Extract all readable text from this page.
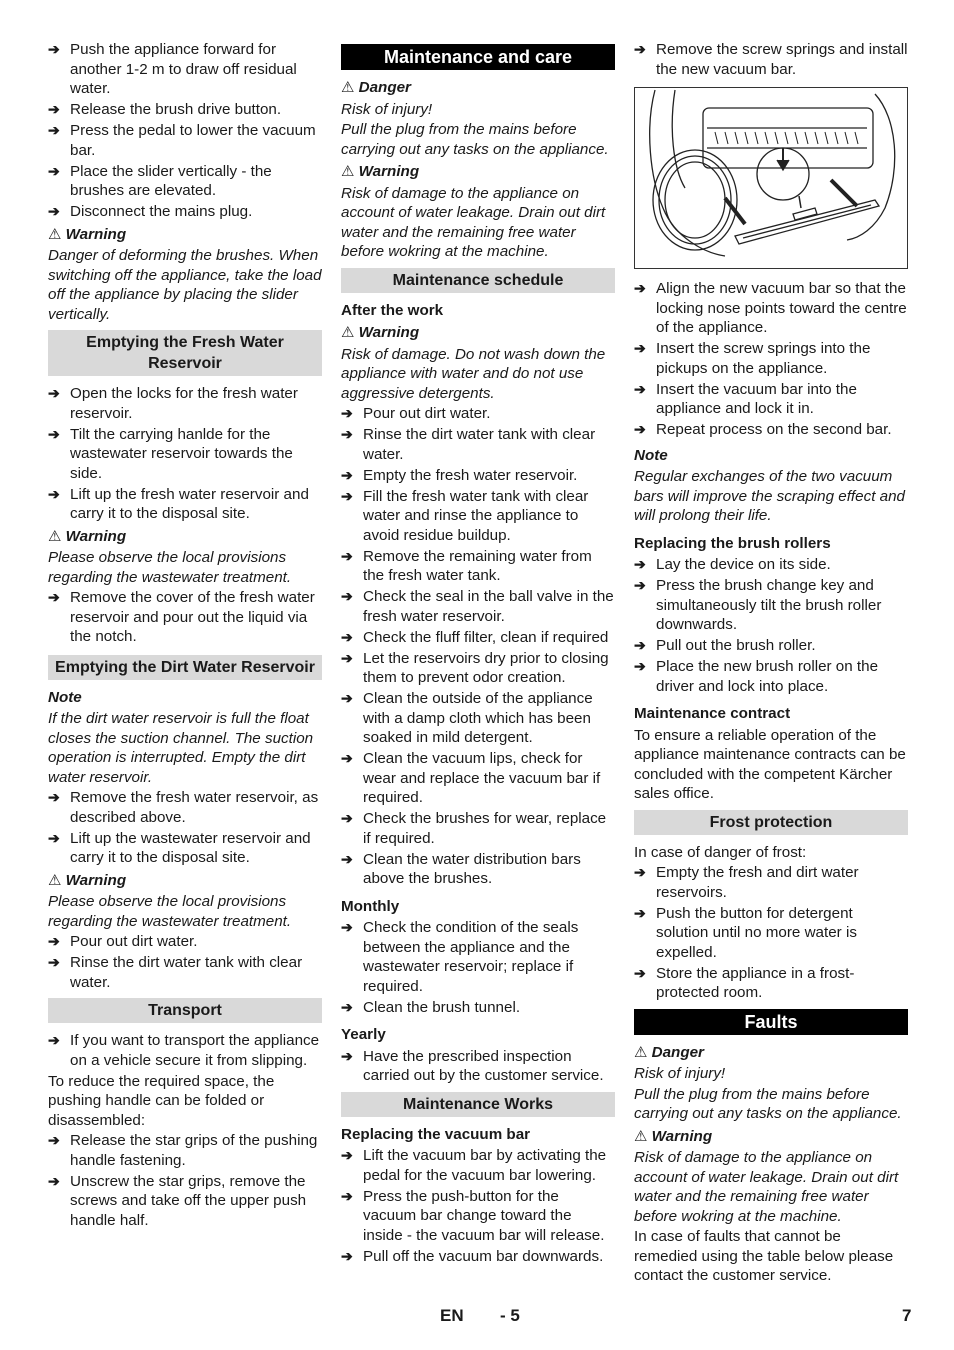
➔ Push the appliance forward for another 1-2 m to draw off residual water.
➔ Release the brush drive button.
➔ Press the pedal to lower the vacuum bar.
➔ Place the slider vertically - the brushes are elevated.
➔ Disconnect the mains plug.
⚠ Warning
Danger of deforming the brushes. When switching off the appliance, take the load off the appliance by placing the slider vertically.
Emptying the Fresh Water Reservoir
➔ Open the locks for the fresh water reservoir.
➔ Tilt the carrying hanlde for the wastewater reservoir towards the side.
➔ Lift up the fresh water reservoir and carry it to the disposal site.
⚠ Warning
Please observe the local provisions regarding the wastewater treatment.
➔ Remove the cover of the fresh water reservoir and pour out the liquid via the notch.
Emptying the Dirt Water Reservoir
Note
If the dirt water reservoir is full the float closes the suction channel. The suction operation is interrupted. Empty the dirt water reservoir.
➔ Remove the fresh water reservoir, as described above.
➔ Lift up the wastewater reservoir and carry it to the disposal site.
⚠ Warning
Please observe the local provisions regarding the wastewater treatment.
➔ Pour out dirt water.
➔ Rinse the dirt water tank with clear water.
Transport
➔ If you want to transport the appliance on a vehicle secure it from slipping.
To reduce the required space, the pushing handle can be folded or disassembled:
➔ Release the star grips of the pushing handle fastening.
➔ Unscrew the star grips, remove the screws and take off the upper push handle half.
Maintenance and care
⚠ Danger
Risk of injury!
Pull the plug from the mains before carrying out any tasks on the appliance.
⚠ Warning
Risk of damage to the appliance on account of water leakage. Drain out dirt water and the remaining free water before wokring at the machine.
Maintenance schedule
After the work
⚠ Warning
Risk of damage. Do not wash down the appliance with water and do not use aggressive detergents.
➔ Pour out dirt water.
➔ Rinse the dirt water tank with clear water.
➔ Empty the fresh water reservoir.
➔ Fill the fresh water tank with clear water and rinse the appliance to avoid residue buildup.
➔ Remove the remaining water from the fresh water tank.
➔ Check the seal in the ball valve in the fresh water reservoir.
➔ Check the fluff filter, clean if required
➔ Let the reservoirs dry prior to closing them to prevent odor creation.
➔ Clean the outside of the appliance with a damp cloth which has been soaked in mild detergent.
➔ Clean the vacuum lips, check for wear and replace the vacuum bar if required.
➔ Check the brushes for wear, replace if required.
➔ Clean the water distribution bars above the brushes.
Monthly
➔ Check the condition of the seals between the appliance and the wastewater reservoir; replace if required.
➔ Clean the brush tunnel.
Yearly
➔ Have the prescribed inspection carried out by the customer service.
Maintenance Works
Replacing the vacuum bar
➔ Lift the vacuum bar by activating the pedal for the vacuum bar lowering.
➔ Press the push-button for the vacuum bar change toward the inside - the vacuum bar will release.
➔ Pull off the vacuum bar downwards.
➔ Remove the screw springs and install the new vacuum bar.
➔ Align the new vacuum bar so that the locking nose points toward the centre of the appliance.
➔ Insert the screw springs into the pickups on the appliance.
➔ Insert the vacuum bar into the appliance and lock it in.
➔ Repeat process on the second bar.
Note
Regular exchanges of the two vacuum bars will improve the scraping effect and will prolong their life.
Replacing the brush rollers
➔ Lay the device on its side.
➔ Press the brush change key and simultaneously tilt the brush roller downwards.
➔ Pull out the brush roller.
➔ Place the new brush roller on the driver and lock into place.
Maintenance contract
To ensure a reliable operation of the appliance maintenance contracts can be concluded with the competent Kärcher sales office.
Frost protection
In case of danger of frost:
➔ Empty the fresh and dirt water reservoirs.
➔ Push the button for detergent solution until no more water is expelled.
➔ Store the appliance in a frost-protected room.
Faults
⚠ Danger
Risk of injury!
Pull the plug from the mains before carrying out any tasks on the appliance.
⚠ Warning
Risk of damage to the appliance on account of water leakage. Drain out dirt water and the remaining free water before wokring at the machine.
In case of faults that cannot be remedied using the table below please contact the customer service.
EN - 5	7
